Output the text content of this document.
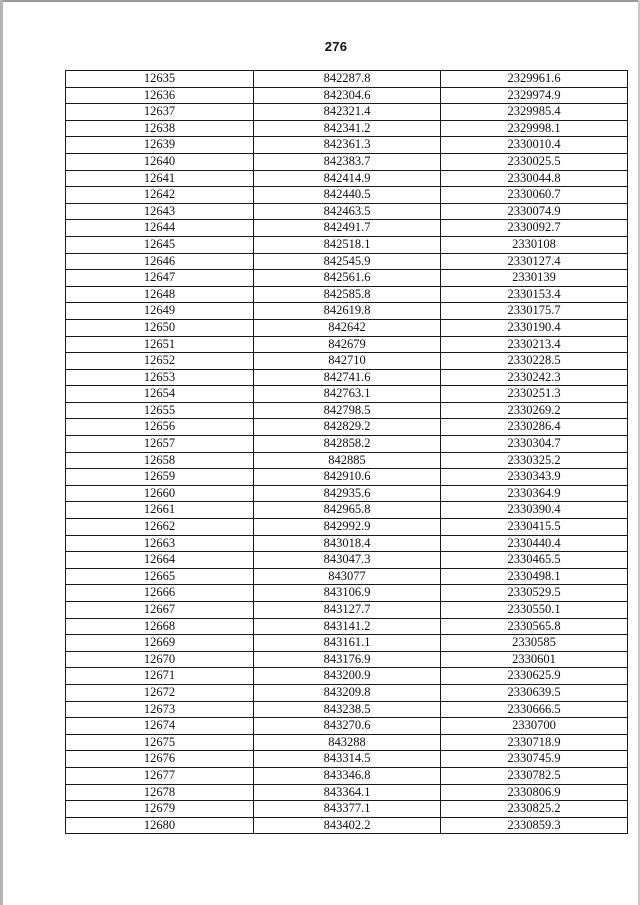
276
12635	842287.8	2329961.6
12636	842304.6	2329974.9
12637	842321.4	2329985.4
12638	842341.2	2329998.1
12639	842361.3	2330010.4
12640	842383.7	2330025.5
12641	842414.9	2330044.8
12642	842440.5	2330060.7
12643	842463.5	2330074.9
12644	842491.7	2330092.7
12645	842518.1	2330108
12646	842545.9	2330127.4
12647	842561.6	2330139
12648	842585.8	2330153.4
12649	842619.8	2330175.7
12650	842642	2330190.4
12651	842679	2330213.4
12652	842710	2330228.5
12653	842741.6	2330242.3
12654	842763.1	2330251.3
12655	842798.5	2330269.2
12656	842829.2	2330286.4
12657	842858.2	2330304.7
12658	842885	2330325.2
12659	842910.6	2330343.9
12660	842935.6	2330364.9
12661	842965.8	2330390.4
12662	842992.9	2330415.5
12663	843018.4	2330440.4
12664	843047.3	2330465.5
12665	843077	2330498.1
12666	843106.9	2330529.5
12667	843127.7	2330550.1
12668	843141.2	2330565.8
12669	843161.1	2330585
12670	843176.9	2330601
12671	843200.9	2330625.9
12672	843209.8	2330639.5
12673	843238.5	2330666.5
12674	843270.6	2330700
12675	843288	2330718.9
12676	843314.5	2330745.9
12677	843346.8	2330782.5
12678	843364.1	2330806.9
12679	843377.1	2330825.2
12680	843402.2	2330859.3
